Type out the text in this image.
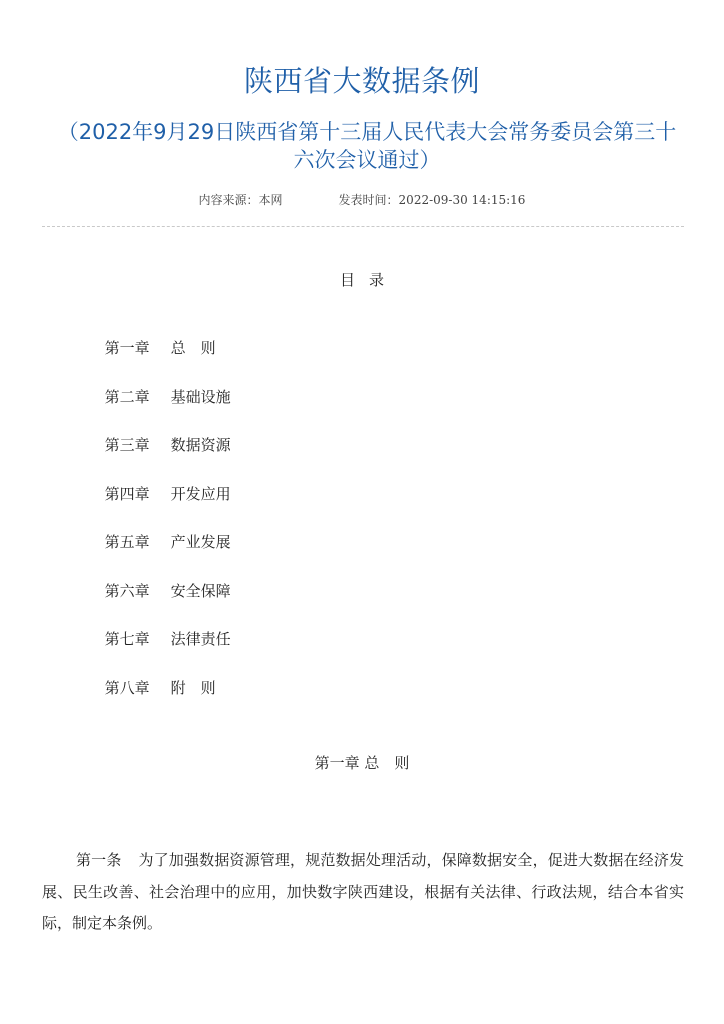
陕西省大数据条例
（2022年9月29日陕西省第十三届人民代表大会常务委员会第三十六次会议通过）
内容来源：本网	发表时间：2022-09-30 14:15:16
目录

第一章 总　则

第二章 基础设施

第三章 数据资源

第四章 开发应用

第五章 产业发展

第六章 安全保障

第七章 法律责任

第八章 附　则

第一章 总　则

第一条 为了加强数据资源管理，规范数据处理活动，保障数据安全，促进大数据在经济发展、民生改善、社会治理中的应用，加快数字陕西建设，根据有关法律、行政法规，结合本省实际，制定本条例。
